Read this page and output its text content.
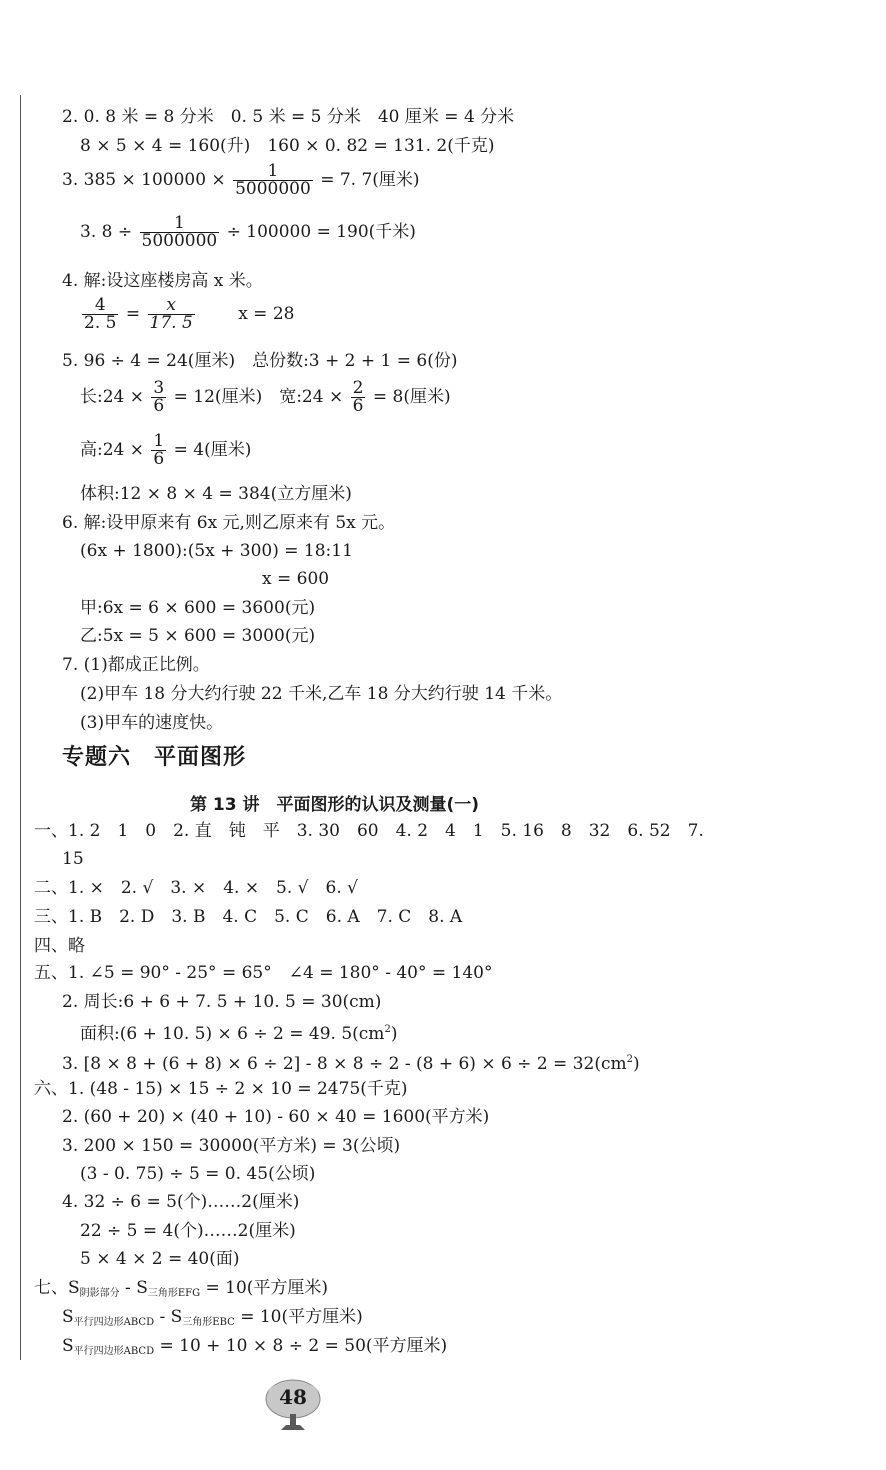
2. 0. 8 米 = 8 分米　0. 5 米 = 5 分米　40 厘米 = 4 分米
8 × 5 × 4 = 160(升)　160 × 0. 82 = 131. 2(千克)
3. $385 \times 100000 \times \frac{1}{5000000} = 7$. 7(厘米)
3. $8 \div \frac{1}{5000000} \div 100000 = 190$(千米)
4. 解:设这座楼房高 x 米。
$\frac{4}{2. 5} = \frac{x}{17. 5}$	x = 28
5. 96 ÷ 4 = 24(厘米)　总份数:3 + 2 + 1 = 6(份)
长:24 × $\frac{3}{6} = 12$(厘米)　宽:24 × $\frac{2}{6} = 8$(厘米)
高:24 × $\frac{1}{6} = 4$(厘米)
体积:12 × 8 × 4 = 384(立方厘米)
6. 解:设甲原来有 6x 元,则乙原来有 5x 元。
(6x + 1800):(5x + 300) = 18:11
x = 600
甲:6x = 6 × 600 = 3600(元)
乙:5x = 5 × 600 = 3000(元)
7. (1)都成正比例。
(2)甲车 18 分大约行驶 22 千米,乙车 18 分大约行驶 14 千米。
(3)甲车的速度快。
专题六　平面图形
第 13 讲　平面图形的认识及测量(一)
一、1. 2　1　0　2. 直　钝　平　3. 30　60　4. 2　4　1　5. 16　8　32　6. 52　7.
15
二、1. ×　2. √　3. ×　4. ×　5. √　6. √
三、1. B　2. D　3. B　4. C　5. C　6. A　7. C　8. A
四、略
五、1. ∠5 = 90° - 25° = 65°　∠4 = 180° - 40° = 140°
2. 周长:6 + 6 + 7. 5 + 10. 5 = 30(cm)
面积:(6 + 10. 5) × 6 ÷ 2 = 49. $5(cm^2)$
3. $[8 \times 8 + (6 + 8) \times 6 \div 2] - 8 \times 8 \div 2 - (8 + 6) \times 6 \div 2 = 32(cm^2)$
六、1. (48 - 15) × 15 ÷ 2 × 10 = 2475(千克)
2. (60 + 20) × (40 + 10) - 60 × 40 = 1600(平方米)
3. 200 × 150 = 30000(平方米) = 3(公顷)
(3 - 0. 75) ÷ 5 = 0. 45(公顷)
4. 32 ÷ 6 = 5(个)……2(厘米)
22 ÷ 5 = 4(个)……2(厘米)
5 × 4 × 2 = 40(面)
七、$S_{阴影部分} - S_{三角形EFG} = 10$(平方厘米)
$S_{平行四边形ABCD} - S_{三角形EBC} = 10$(平方厘米)
$S_{平行四边形ABCD} = 10 + 10 \times 8 \div 2 = 50$(平方厘米)
48
